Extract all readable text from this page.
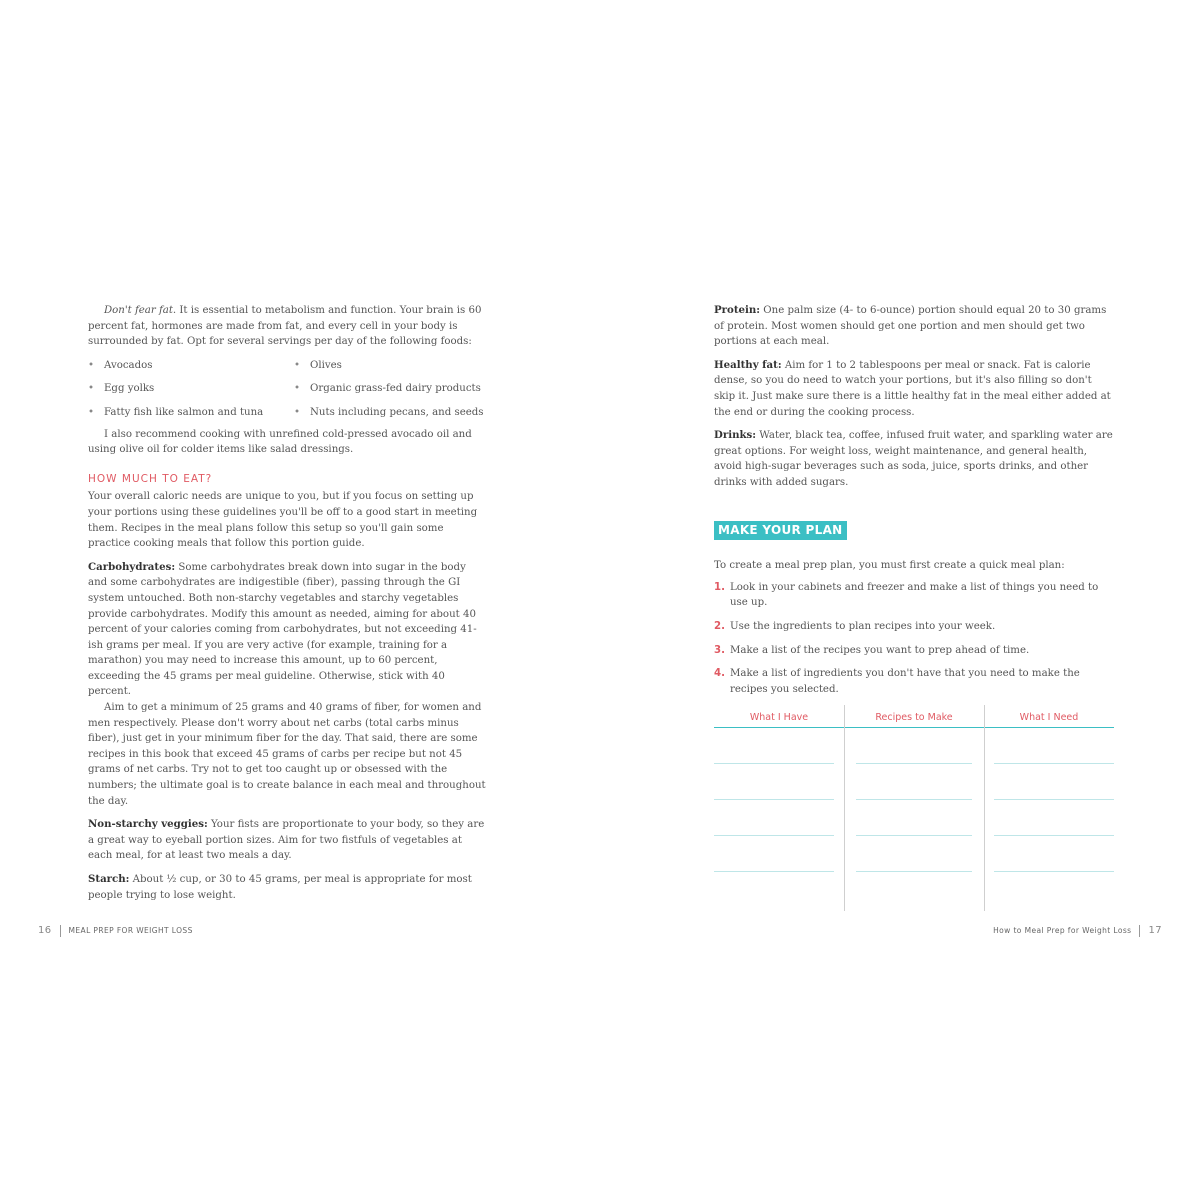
Don't fear fat. It is essential to metabolism and function. Your brain is 60 percent fat, hormones are made from fat, and every cell in your body is surrounded by fat. Opt for several servings per day of the following foods:

• Avocados	• Olives
• Egg yolks	• Organic grass-fed dairy products
• Fatty fish like salmon and tuna	• Nuts including pecans, and seeds

I also recommend cooking with unrefined cold-pressed avocado oil and using olive oil for colder items like salad dressings.

HOW MUCH TO EAT?

Your overall caloric needs are unique to you, but if you focus on setting up your portions using these guidelines you'll be off to a good start in meeting them. Recipes in the meal plans follow this setup so you'll gain some practice cooking meals that follow this portion guide.

Carbohydrates: Some carbohydrates break down into sugar in the body and some carbohydrates are indigestible (fiber), passing through the GI system untouched. Both non-starchy vegetables and starchy vegetables provide carbohydrates. Modify this amount as needed, aiming for about 40 percent of your calories coming from carbohydrates, but not exceeding 41-ish grams per meal. If you are very active (for example, training for a marathon) you may need to increase this amount, up to 60 percent, exceeding the 45 grams per meal guideline. Otherwise, stick with 40 percent.

Aim to get a minimum of 25 grams and 40 grams of fiber, for women and men respectively. Please don't worry about net carbs (total carbs minus fiber), just get in your minimum fiber for the day. That said, there are some recipes in this book that exceed 45 grams of carbs per recipe but not 45 grams of net carbs. Try not to get too caught up or obsessed with the numbers; the ultimate goal is to create balance in each meal and throughout the day.

Non-starchy veggies: Your fists are proportionate to your body, so they are a great way to eyeball portion sizes. Aim for two fistfuls of vegetables at each meal, for at least two meals a day.

Starch: About ½ cup, or 30 to 45 grams, per meal is appropriate for most people trying to lose weight.

16 MEAL PREP FOR WEIGHT LOSS

Protein: One palm size (4- to 6-ounce) portion should equal 20 to 30 grams of protein. Most women should get one portion and men should get two portions at each meal.

Healthy fat: Aim for 1 to 2 tablespoons per meal or snack. Fat is calorie dense, so you do need to watch your portions, but it's also filling so don't skip it. Just make sure there is a little healthy fat in the meal either added at the end or during the cooking process.

Drinks: Water, black tea, coffee, infused fruit water, and sparkling water are great options. For weight loss, weight maintenance, and general health, avoid high-sugar beverages such as soda, juice, sports drinks, and other drinks with added sugars.

MAKE YOUR PLAN

To create a meal prep plan, you must first create a quick meal plan:

1. Look in your cabinets and freezer and make a list of things you need to use up.
2. Use the ingredients to plan recipes into your week.
3. Make a list of the recipes you want to prep ahead of time.
4. Make a list of ingredients you don't have that you need to make the recipes you selected.
What I Have	Recipes to Make	What I Need
How to Meal Prep for Weight Loss 17
